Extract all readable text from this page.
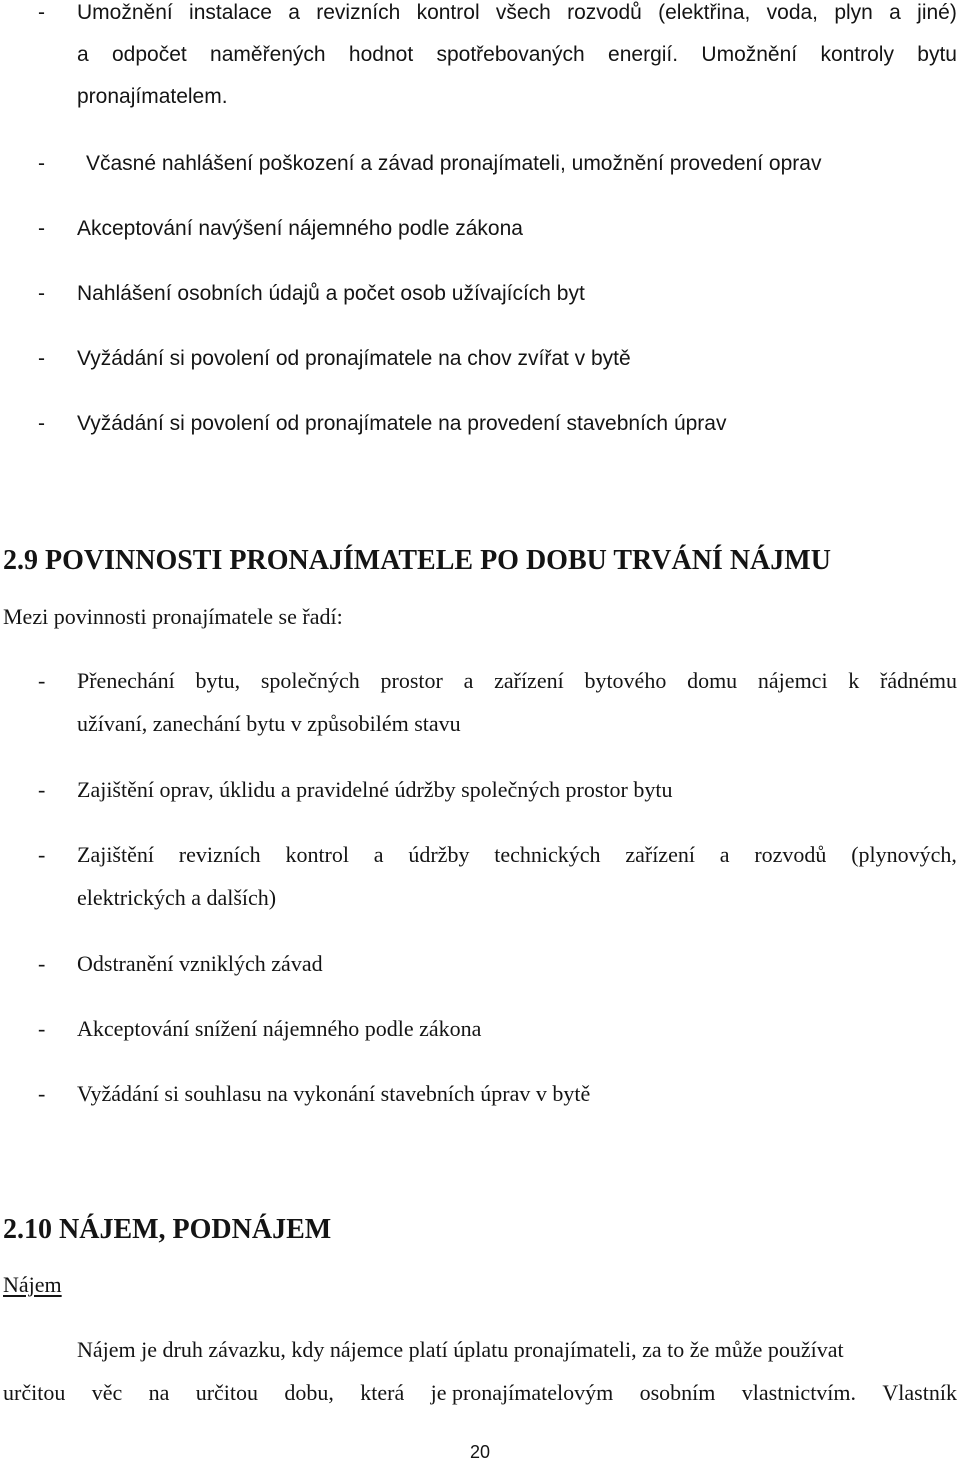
- Umožnění instalace a revizních kontrol všech rozvodů (elektřina, voda, plyn a jiné)
a odpočet naměřených hodnot spotřebovaných energií. Umožnění kontroly bytu
pronajímatelem.
- Včasné nahlášení poškození a závad pronajímateli, umožnění provedení oprav
- Akceptování navýšení nájemného podle zákona
- Nahlášení osobních údajů a počet osob užívajících byt
- Vyžádání si povolení od pronajímatele na chov zvířat v bytě
- Vyžádání si povolení od pronajímatele na provedení stavebních úprav
2.9 POVINNOSTI PRONAJÍMATELE PO DOBU TRVÁNÍ NÁJMU
Mezi povinnosti pronajímatele se řadí:
- Přenechání bytu, společných prostor a zařízení bytového domu nájemci k řádnému
užívaní, zanechání bytu v způsobilém stavu
- Zajištění oprav, úklidu a pravidelné údržby společných prostor bytu
- Zajištění revizních kontrol a údržby technických zařízení a rozvodů (plynových,
elektrických a dalších)
- Odstranění vzniklých závad
- Akceptování snížení nájemného podle zákona
- Vyžádání si souhlasu na vykonání stavebních úprav v bytě
2.10 NÁJEM, PODNÁJEM
Nájem
Nájem je druh závazku, kdy nájemce platí úplatu pronajímateli, za to že může používat
určitou věc na určitou dobu, která je pronajímatelovým osobním vlastnictvím. Vlastník
20
